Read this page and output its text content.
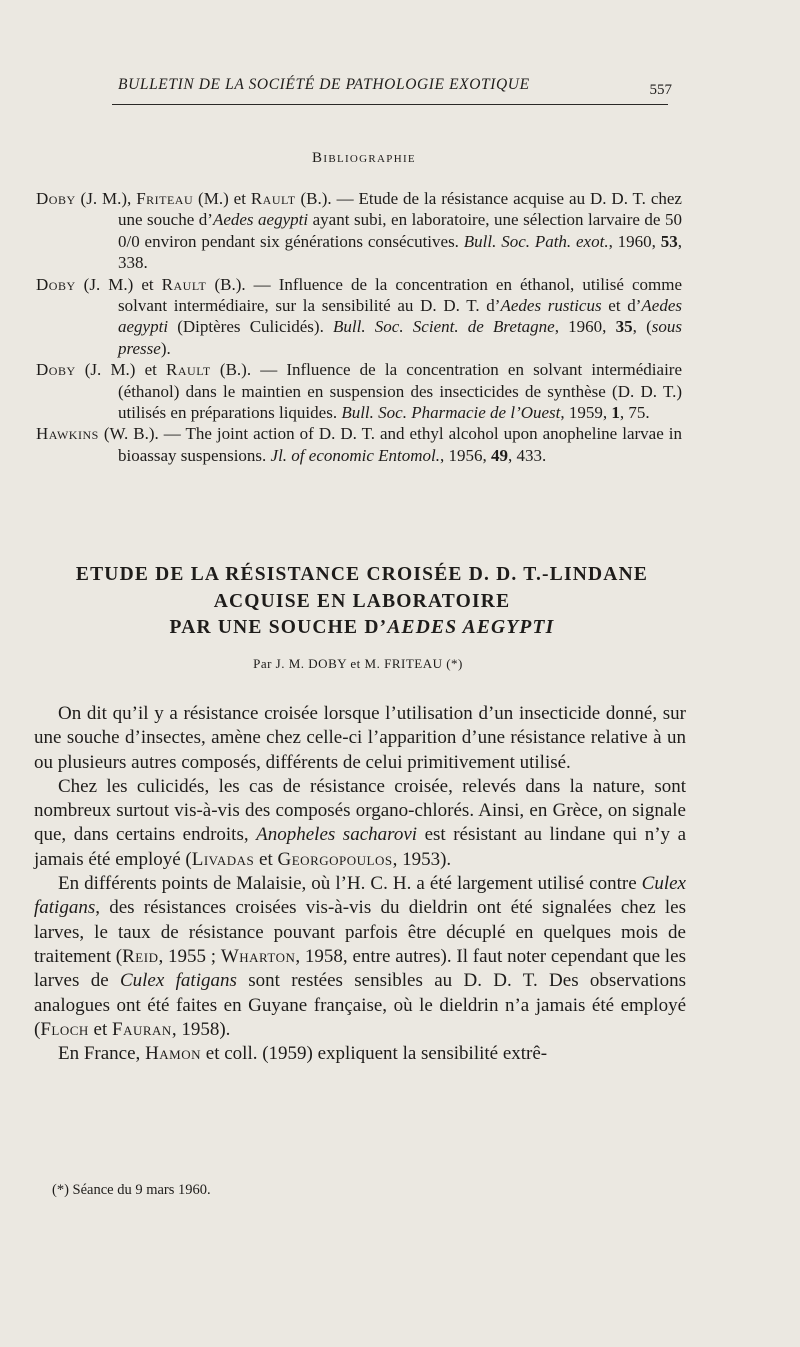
BULLETIN DE LA SOCIÉTÉ DE PATHOLOGIE EXOTIQUE	557
Bibliographie

Doby (J. M.), Friteau (M.) et Rault (B.). — Etude de la résistance acquise au D. D. T. chez une souche d’Aedes aegypti ayant subi, en laboratoire, une sélection larvaire de 50 0/0 environ pendant six générations consécutives. Bull. Soc. Path. exot., 1960, 53, 338.

Doby (J. M.) et Rault (B.). — Influence de la concentration en éthanol, utilisé comme solvant intermédiaire, sur la sensibilité au D. D. T. d’Aedes rusticus et d’Aedes aegypti (Diptères Culicidés). Bull. Soc. Scient. de Bretagne, 1960, 35, (sous presse).

Doby (J. M.) et Rault (B.). — Influence de la concentration en solvant intermédiaire (éthanol) dans le maintien en suspension des insecticides de synthèse (D. D. T.) utilisés en préparations liquides. Bull. Soc. Pharmacie de l’Ouest, 1959, 1, 75.

Hawkins (W. B.). — The joint action of D. D. T. and ethyl alcohol upon anopheline larvae in bioassay suspensions. Jl. of economic Entomol., 1956, 49, 433.

ETUDE DE LA RÉSISTANCE CROISÉE D. D. T.-LINDANE
ACQUISE EN LABORATOIRE
PAR UNE SOUCHE D’AEDES AEGYPTI
Par J. M. DOBY et M. FRITEAU (*)

On dit qu’il y a résistance croisée lorsque l’utilisation d’un insecticide donné, sur une souche d’insectes, amène chez celle-ci l’apparition d’une résistance relative à un ou plusieurs autres composés, différents de celui primitivement utilisé.

Chez les culicidés, les cas de résistance croisée, relevés dans la nature, sont nombreux surtout vis-à-vis des composés organo-chlorés. Ainsi, en Grèce, on signale que, dans certains endroits, Anopheles sacharovi est résistant au lindane qui n’y a jamais été employé (Livadas et Georgopoulos, 1953).

En différents points de Malaisie, où l’H. C. H. a été largement utilisé contre Culex fatigans, des résistances croisées vis-à-vis du dieldrin ont été signalées chez les larves, le taux de résistance pouvant parfois être décuplé en quelques mois de traitement (Reid, 1955 ; Wharton, 1958, entre autres). Il faut noter cependant que les larves de Culex fatigans sont restées sensibles au D. D. T. Des observations analogues ont été faites en Guyane française, où le dieldrin n’a jamais été employé (Floch et Fauran, 1958).

En France, Hamon et coll. (1959) expliquent la sensibilité extrê-

(*) Séance du 9 mars 1960.
